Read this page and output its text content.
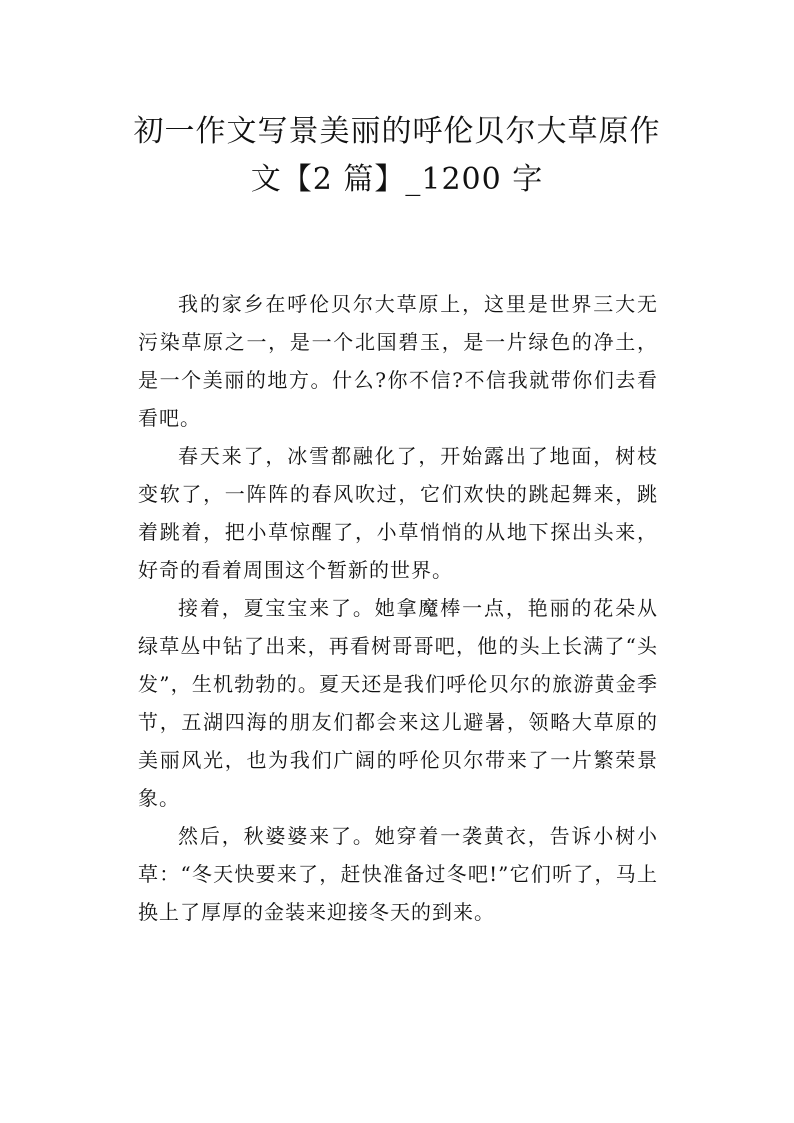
初一作文写景美丽的呼伦贝尔大草原作
文【2 篇】_1200 字

我的家乡在呼伦贝尔大草原上，这里是世界三大无污染草原之一，是一个北国碧玉，是一片绿色的净土，是一个美丽的地方。什么?你不信?不信我就带你们去看看吧。

春天来了，冰雪都融化了，开始露出了地面，树枝变软了，一阵阵的春风吹过，它们欢快的跳起舞来，跳着跳着，把小草惊醒了，小草悄悄的从地下探出头来，好奇的看着周围这个暂新的世界。

接着，夏宝宝来了。她拿魔棒一点，艳丽的花朵从绿草丛中钻了出来，再看树哥哥吧，他的头上长满了“头发”，生机勃勃的。夏天还是我们呼伦贝尔的旅游黄金季节，五湖四海的朋友们都会来这儿避暑，领略大草原的美丽风光，也为我们广阔的呼伦贝尔带来了一片繁荣景象。

然后，秋婆婆来了。她穿着一袭黄衣，告诉小树小草：“冬天快要来了，赶快准备过冬吧!”它们听了，马上换上了厚厚的金装来迎接冬天的到来。
